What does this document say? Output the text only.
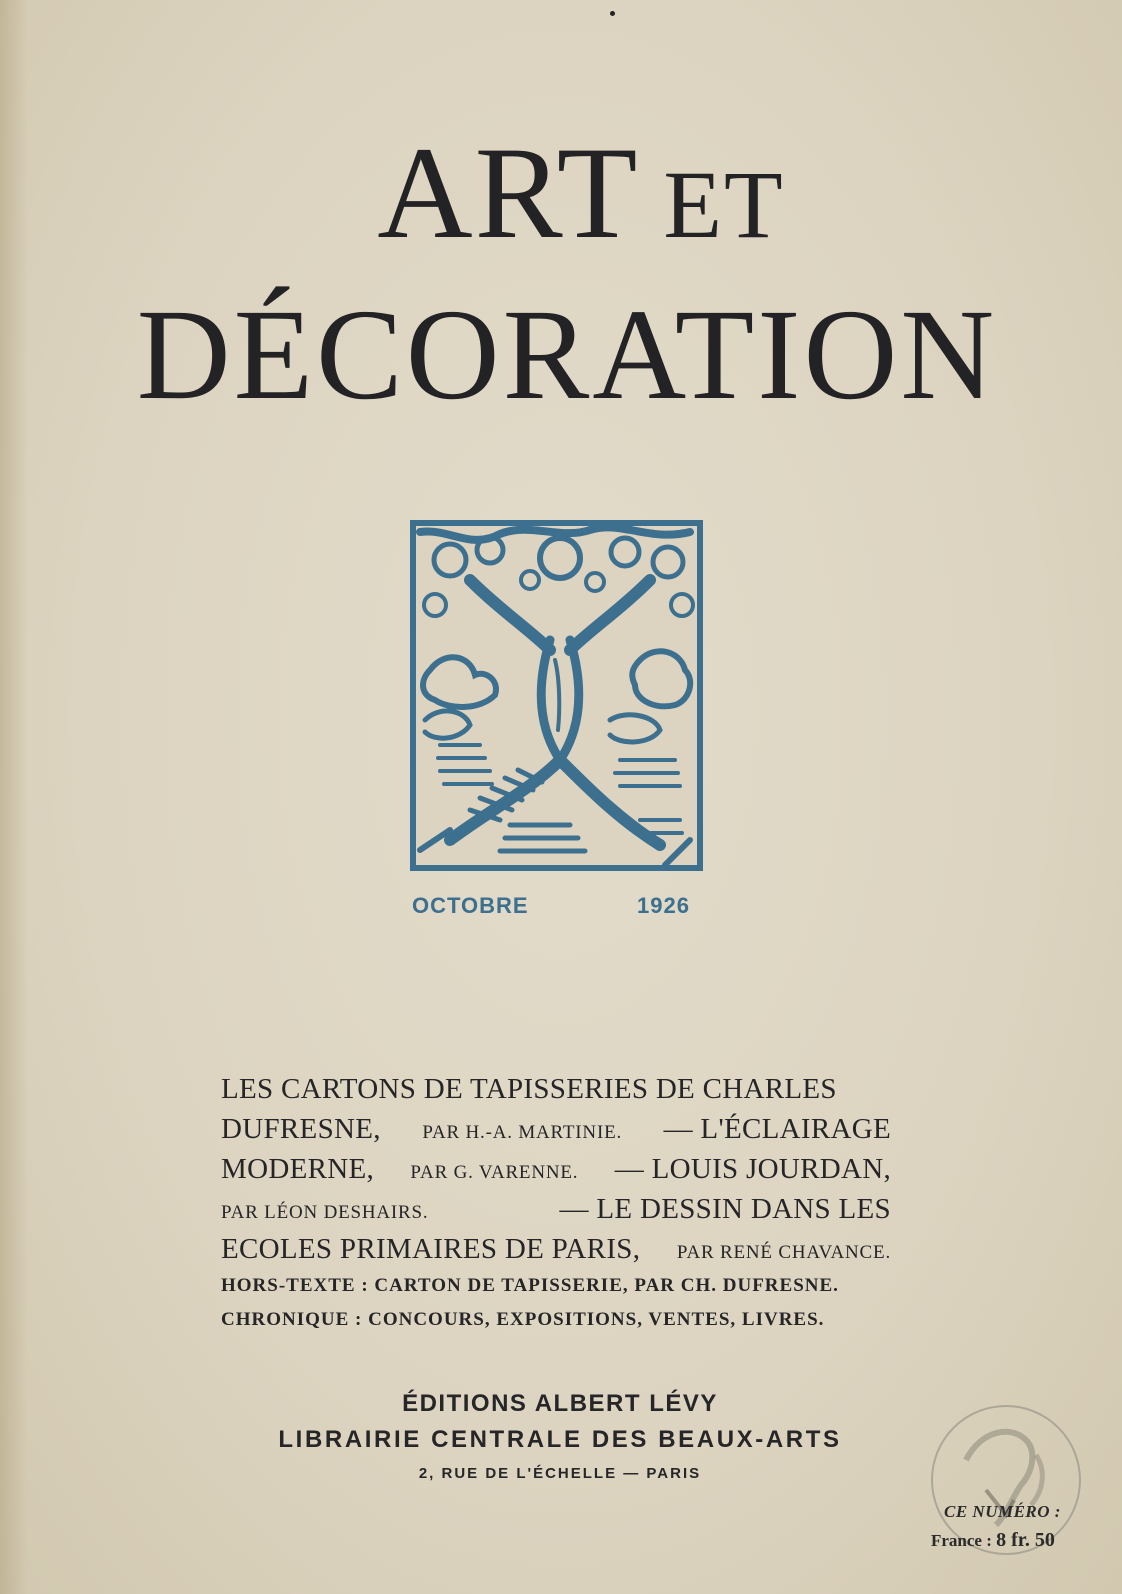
ART ET
DÉCORATION
OCTOBRE	1926
LES CARTONS DE TAPISSERIES DE CHARLES
DUFRESNE, PAR H.-A. MARTINIE. — L'ÉCLAIRAGE
MODERNE, PAR G. VARENNE. — LOUIS JOURDAN,
PAR LÉON DESHAIRS.	— LE DESSIN DANS LES
ECOLES PRIMAIRES DE PARIS, PAR RENÉ CHAVANCE.
HORS-TEXTE : CARTON DE TAPISSERIE, PAR CH. DUFRESNE.
CHRONIQUE : CONCOURS, EXPOSITIONS, VENTES, LIVRES.
ÉDITIONS ALBERT LÉVY
LIBRAIRIE CENTRALE DES BEAUX-ARTS
2, RUE DE L'ÉCHELLE — PARIS
CE NUMÉRO :
France : 8 fr. 50
